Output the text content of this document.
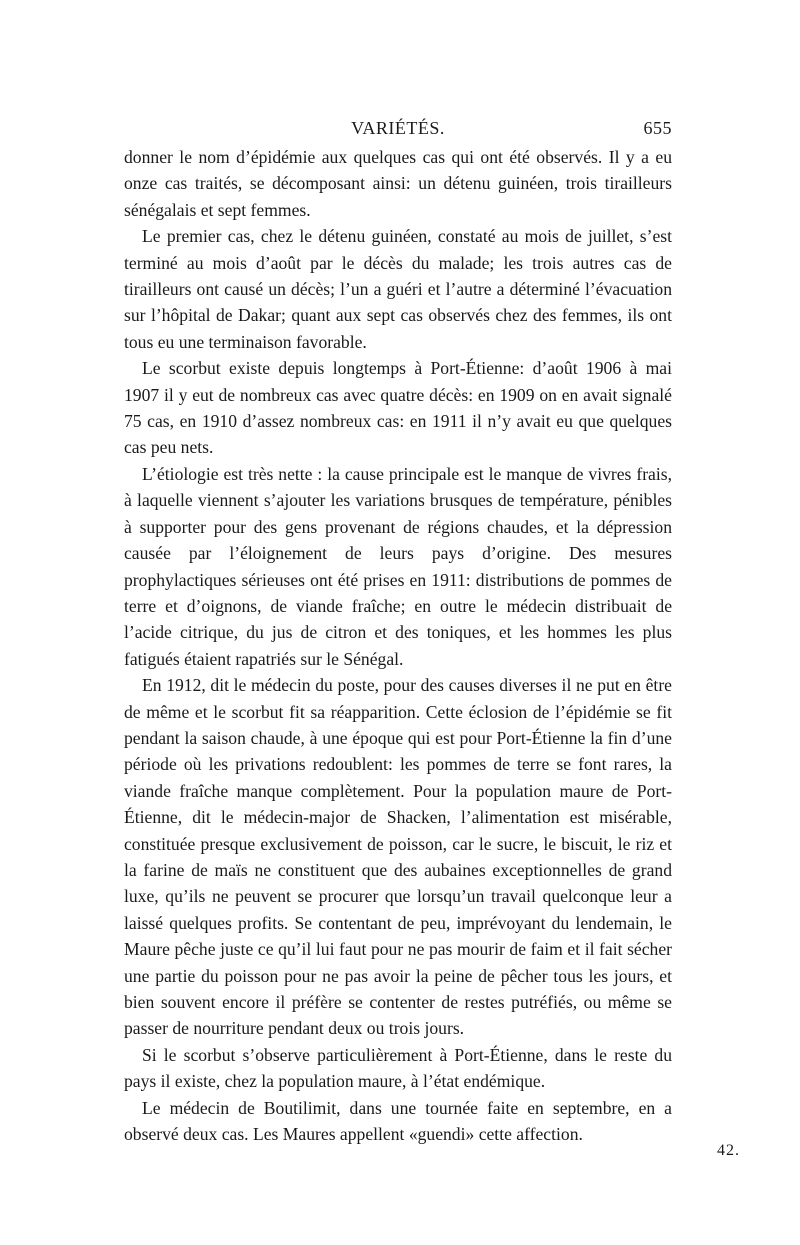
VARIÉTÉS.	655

donner le nom d’épidémie aux quelques cas qui ont été observés. Il y a eu onze cas traités, se décomposant ainsi: un détenu guinéen, trois tirailleurs sénégalais et sept femmes.

Le premier cas, chez le détenu guinéen, constaté au mois de juillet, s’est terminé au mois d’août par le décès du malade; les trois autres cas de tirailleurs ont causé un décès; l’un a guéri et l’autre a déterminé l’évacuation sur l’hôpital de Dakar; quant aux sept cas observés chez des femmes, ils ont tous eu une terminaison favorable.

Le scorbut existe depuis longtemps à Port-Étienne: d’août 1906 à mai 1907 il y eut de nombreux cas avec quatre décès: en 1909 on en avait signalé 75 cas, en 1910 d’assez nombreux cas: en 1911 il n’y avait eu que quelques cas peu nets.

L’étiologie est très nette : la cause principale est le manque de vivres frais, à laquelle viennent s’ajouter les variations brusques de température, pénibles à supporter pour des gens provenant de régions chaudes, et la dépression causée par l’éloignement de leurs pays d’origine. Des mesures prophylactiques sérieuses ont été prises en 1911: distributions de pommes de terre et d’oignons, de viande fraîche; en outre le médecin distribuait de l’acide citrique, du jus de citron et des toniques, et les hommes les plus fatigués étaient rapatriés sur le Sénégal.

En 1912, dit le médecin du poste, pour des causes diverses il ne put en être de même et le scorbut fit sa réapparition. Cette éclosion de l’épidémie se fit pendant la saison chaude, à une époque qui est pour Port-Étienne la fin d’une période où les privations redoublent: les pommes de terre se font rares, la viande fraîche manque complètement. Pour la population maure de Port-Étienne, dit le médecin-major de Shacken, l’alimentation est misérable, constituée presque exclusivement de poisson, car le sucre, le biscuit, le riz et la farine de maïs ne constituent que des aubaines exceptionnelles de grand luxe, qu’ils ne peuvent se procurer que lorsqu’un travail quelconque leur a laissé quelques profits. Se contentant de peu, imprévoyant du lendemain, le Maure pêche juste ce qu’il lui faut pour ne pas mourir de faim et il fait sécher une partie du poisson pour ne pas avoir la peine de pêcher tous les jours, et bien souvent encore il préfère se contenter de restes putréfiés, ou même se passer de nourriture pendant deux ou trois jours.

Si le scorbut s’observe particulièrement à Port-Étienne, dans le reste du pays il existe, chez la population maure, à l’état endémique.

Le médecin de Boutilimit, dans une tournée faite en septembre, en a observé deux cas. Les Maures appellent «guendi» cette affection.

42.
